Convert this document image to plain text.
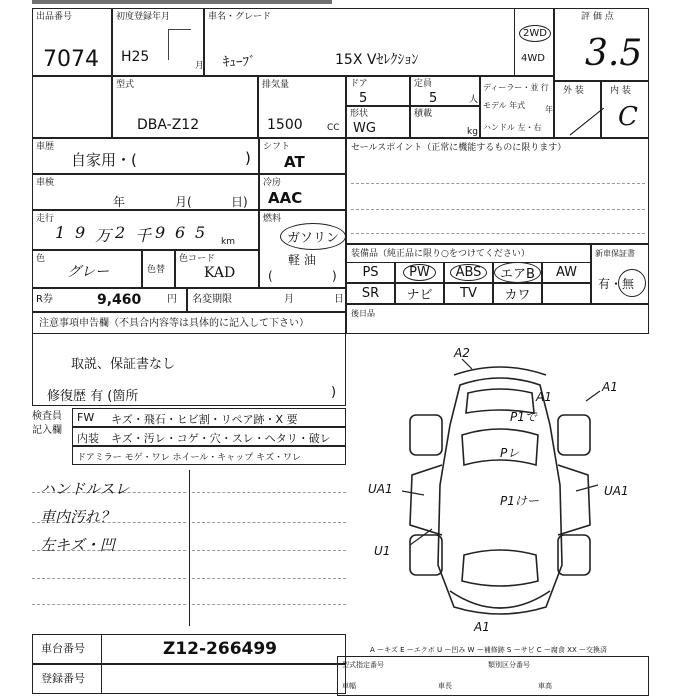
出品番号
7074
初度登録年月
H25
月
車名・グレード
ｷｭｰﾌﾞ	15X Vｾﾚｸｼｮﾝ
2WD
4WD
評 価 点
3.5
型式
DBA-Z12
排気量
1500	CC
ドア
5
定員
5	人
形状
WG
積載
kg
ディーラー・並 行
モデル 年式 年
ハンドル 左・右
外 装
／
内 装
C
車歴
自家用・(	)
シフト
AT
車検
年	月(	日)
冷房
AAC
走行
1 9 万 2 千 9 6 5 km
燃料
ガソリン
軽 油
(	)
色
グレー	色替
色コード
KAD
R券	9,460	円 名変期限	月	日
セールスポイント（正常に機能するものに限ります）
装備品（純正品に限り○をつけてください）
PS	PW	ABS	エアB	AW
SR ナビ TV カワ
新車保証書
有・無
後日品
注意事項申告欄（不具合内容等は具体的に記入して下さい）
取説、保証書なし
修復歴 有 (箇所	)
検査員
記入欄
FW キズ・飛石・ヒビ割・リペア跡・X 要
内装 キズ・汚レ・コゲ・穴・スレ・ヘタリ・破レ
ドアミラー モゲ・ワレ ホイール・キャップ キズ・ワレ
ハンドルスレ
車内汚れ？
左キズ・凹
A2
A1
A1
P1で
Pレ
P1けー
UA1
U1
A1
UA1
A ーキズ E ーエクボ U ー凹み W ー補修跡 S ーサビ C ー腐食 XX ー交換済
車台番号	Z12-266499
登録番号
型式指定番号	類別区分番号
車幅	車長	車高
